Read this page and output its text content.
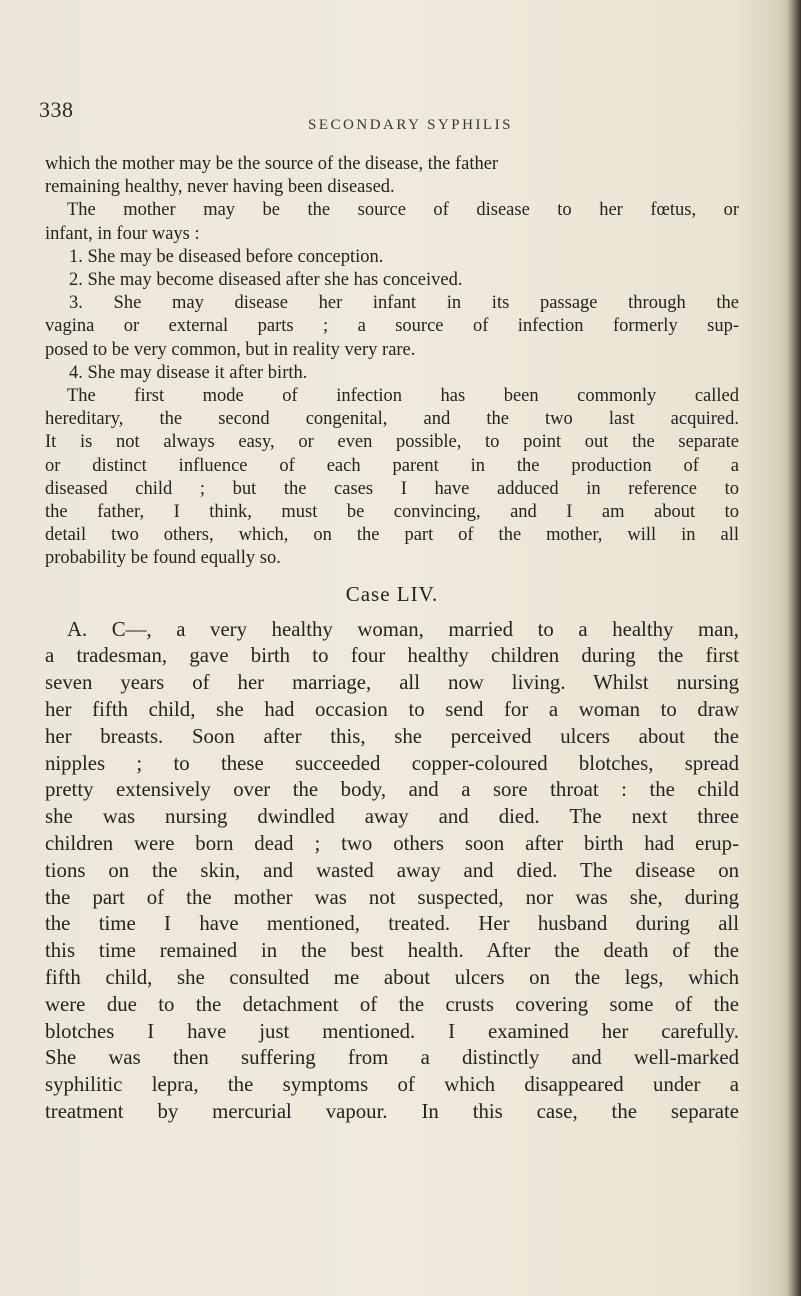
338
SECONDARY SYPHILIS
which the mother may be the source of the disease, the father
remaining healthy, never having been diseased.
The mother may be the source of disease to her fœtus, or
infant, in four ways :
1. She may be diseased before conception.
2. She may become diseased after she has conceived.
3. She may disease her infant in its passage through the
vagina or external parts ; a source of infection formerly sup-
posed to be very common, but in reality very rare.
4. She may disease it after birth.
The first mode of infection has been commonly called
hereditary, the second congenital, and the two last acquired.
It is not always easy, or even possible, to point out the separate
or distinct influence of each parent in the production of a
diseased child ; but the cases I have adduced in reference to
the father, I think, must be convincing, and I am about to
detail two others, which, on the part of the mother, will in all
probability be found equally so.
Case LIV.
A. C—, a very healthy woman, married to a healthy man,
a tradesman, gave birth to four healthy children during the first
seven years of her marriage, all now living. Whilst nursing
her fifth child, she had occasion to send for a woman to draw
her breasts. Soon after this, she perceived ulcers about the
nipples ; to these succeeded copper-coloured blotches, spread
pretty extensively over the body, and a sore throat : the child
she was nursing dwindled away and died. The next three
children were born dead ; two others soon after birth had erup-
tions on the skin, and wasted away and died. The disease on
the part of the mother was not suspected, nor was she, during
the time I have mentioned, treated. Her husband during all
this time remained in the best health. After the death of the
fifth child, she consulted me about ulcers on the legs, which
were due to the detachment of the crusts covering some of the
blotches I have just mentioned. I examined her carefully.
She was then suffering from a distinctly and well-marked
syphilitic lepra, the symptoms of which disappeared under a
treatment by mercurial vapour. In this case, the separate
